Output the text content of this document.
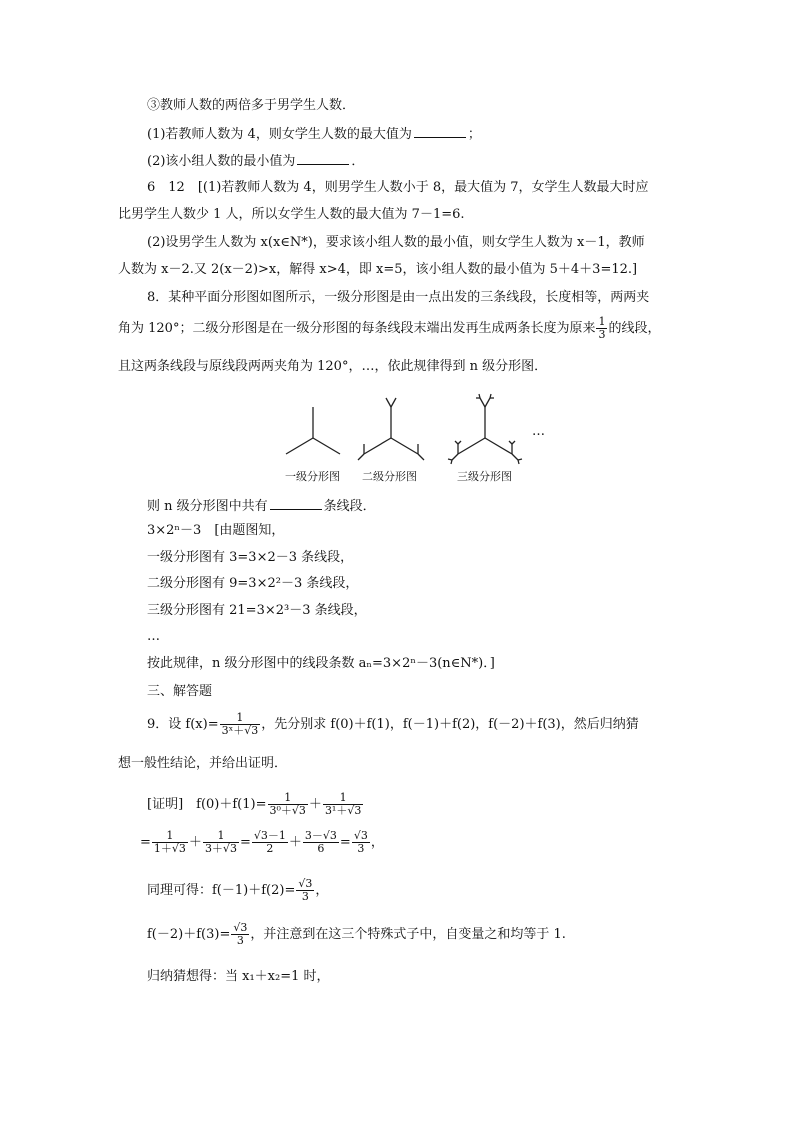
③教师人数的两倍多于男学生人数．
(1)若教师人数为 4，则女学生人数的最大值为	；
(2)该小组人数的最小值为	．
6　12　[(1)若教师人数为 4，则男学生人数小于 8，最大值为 7，女学生人数最大时应
比男学生人数少 1 人，所以女学生人数的最大值为 7－1=6.
(2)设男学生人数为 x(x∈N*)，要求该小组人数的最小值，则女学生人数为 x－1，教师
人数为 x－2.又 2(x－2)>x，解得 x>4，即 x=5，该小组人数的最小值为 5＋4＋3=12.]
8．某种平面分形图如图所示，一级分形图是由一点出发的三条线段，长度相等，两两夹
角为 120°；二级分形图是在一级分形图的每条线段末端出发再生成两条长度为原来 $\frac{1}{3}$ 的线段，
且这两条线段与原线段两两夹角为 120°，…，依此规律得到 n 级分形图．
…
一级分形图 二级分形图	三级分形图
则 n 级分形图中共有	条线段．
3×2ⁿ－3　[由题图知，
一级分形图有 3=3×2－3 条线段，
二级分形图有 9=3×2²－3 条线段，
三级分形图有 21=3×2³－3 条线段，
…
按此规律，n 级分形图中的线段条数 aₙ=3×2ⁿ－3(n∈N*)．]
三、解答题
9．设 $f(x)= \frac{1}{\text{3ˣ＋√3}}$ ，先分别求 f(0)＋f(1)，f(－1)＋f(2)，f(－2)＋f(3)，然后归纳猜
想一般性结论，并给出证明．
[证明]　$f(0)+f(1)= \frac{1}{\text{3⁰＋√3}} + \frac{1}{\text{3¹＋√3}}$
= $\frac{1}{1+√3} + \frac{1}{3+√3} = \frac{√3-1}{2} + \frac{3-√3}{6} = \frac{√3}{3}$ ，
同理可得：$f(-1)+f(2)= \frac{√3}{3}$ ，
$f(-2)+f(3)= \frac{√3}{3}$ ，并注意到在这三个特殊式子中，自变量之和均等于 1.
归纳猜想得：当 x₁＋x₂=1 时，
